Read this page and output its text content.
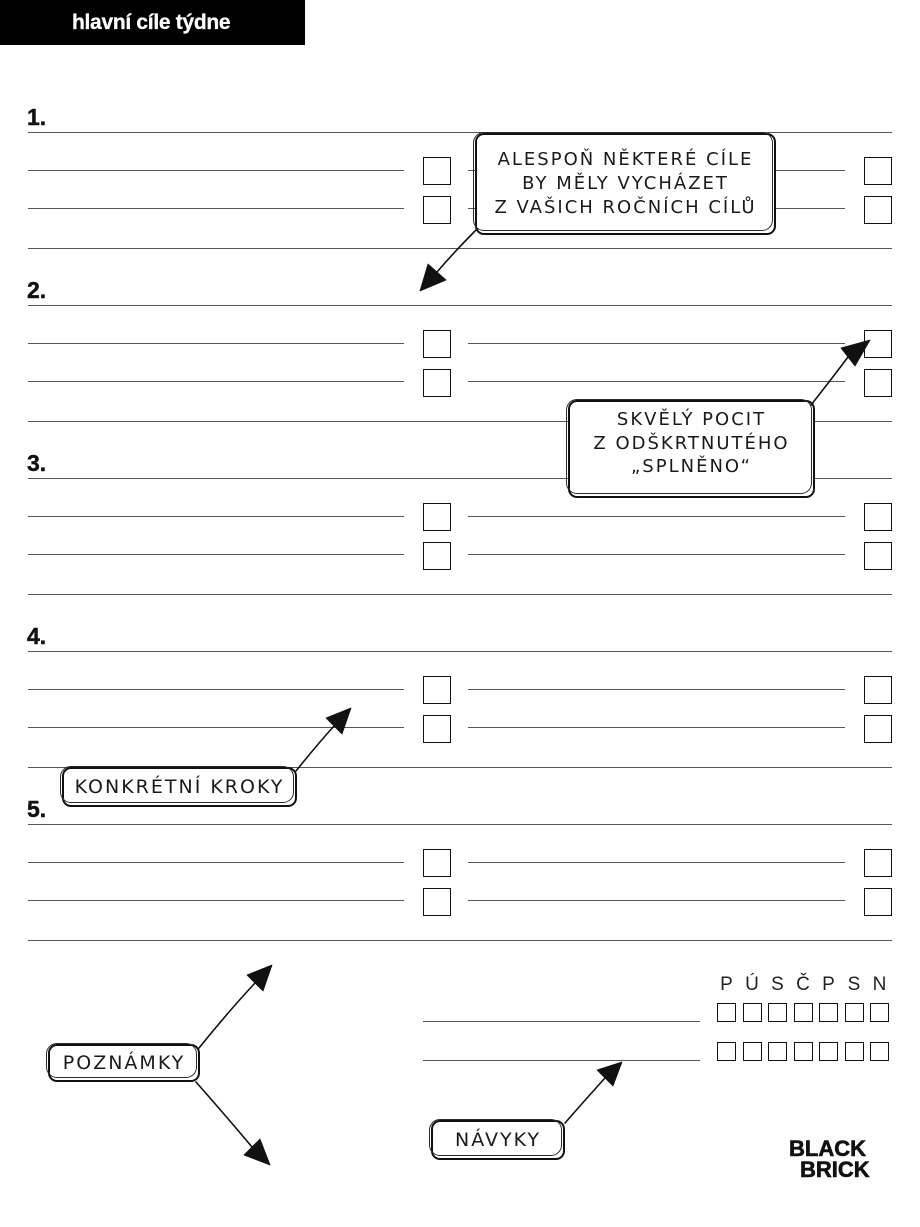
hlavní cíle týdne
1.
2.
3.
4.
5.
ALESPOŇ NĚKTERÉ CÍLE
BY MĚLY VYCHÁZET
Z VAŠICH ROČNÍCH CÍLŮ
SKVĚLÝ POCIT
Z ODŠKRTNUTÉHO
„SPLNĚNO“
KONKRÉTNÍ KROKY
POZNÁMKY
NÁVYKY
P Ú S Č P S N
BLACK
BRICK
